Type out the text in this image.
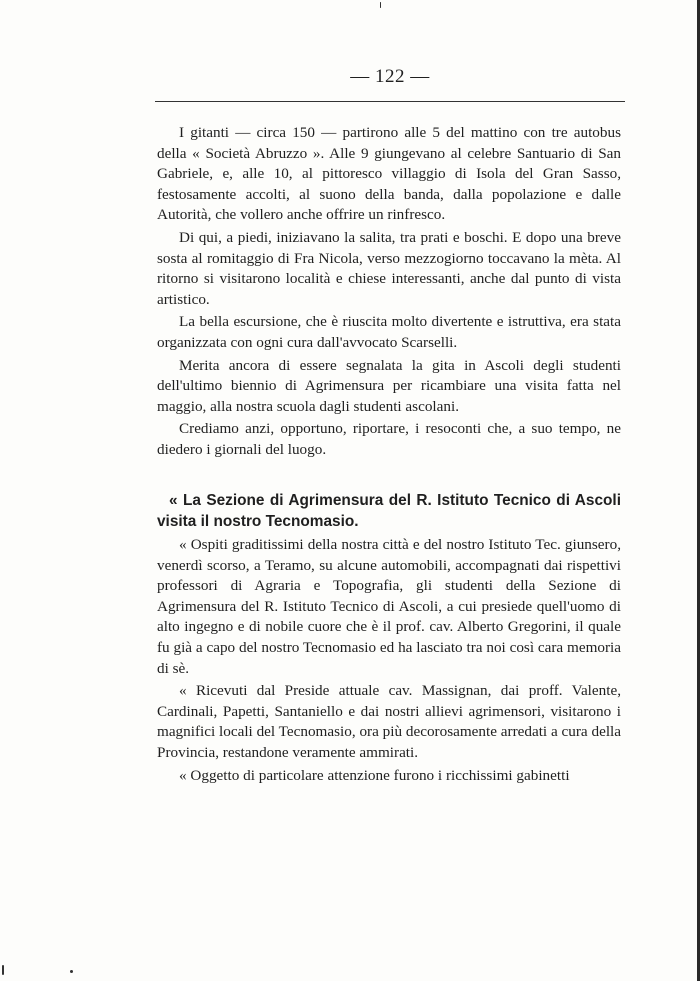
— 122 —

I gitanti — circa 150 — partirono alle 5 del mattino con tre autobus della « Società Abruzzo ». Alle 9 giungevano al celebre Santuario di San Gabriele, e, alle 10, al pittoresco villaggio di Isola del Gran Sasso, festosamente accolti, al suono della banda, dalla popolazione e dalle Autorità, che vollero anche offrire un rinfresco.

Di qui, a piedi, iniziavano la salita, tra prati e boschi. E dopo una breve sosta al romitaggio di Fra Nicola, verso mezzogiorno toccavano la mèta. Al ritorno si visitarono località e chiese interessanti, anche dal punto di vista artistico.

La bella escursione, che è riuscita molto divertente e istruttiva, era stata organizzata con ogni cura dall'avvocato Scarselli.

Merita ancora di essere segnalata la gita in Ascoli degli studenti dell'ultimo biennio di Agrimensura per ricambiare una visita fatta nel maggio, alla nostra scuola dagli studenti ascolani.

Crediamo anzi, opportuno, riportare, i resoconti che, a suo tempo, ne diedero i giornali del luogo.

« La Sezione di Agrimensura del R. Istituto Tecnico di Ascoli visita il nostro Tecnomasio.

« Ospiti graditissimi della nostra città e del nostro Istituto Tec. giunsero, venerdì scorso, a Teramo, su alcune automobili, accompagnati dai rispettivi professori di Agraria e Topografia, gli studenti della Sezione di Agrimensura del R. Istituto Tecnico di Ascoli, a cui presiede quell'uomo di alto ingegno e di nobile cuore che è il prof. cav. Alberto Gregorini, il quale fu già a capo del nostro Tecnomasio ed ha lasciato tra noi così cara memoria di sè.

« Ricevuti dal Preside attuale cav. Massignan, dai proff. Valente, Cardinali, Papetti, Santaniello e dai nostri allievi agrimensori, visitarono i magnifici locali del Tecnomasio, ora più decorosamente arredati a cura della Provincia, restandone veramente ammirati.

« Oggetto di particolare attenzione furono i ricchissimi gabinetti
